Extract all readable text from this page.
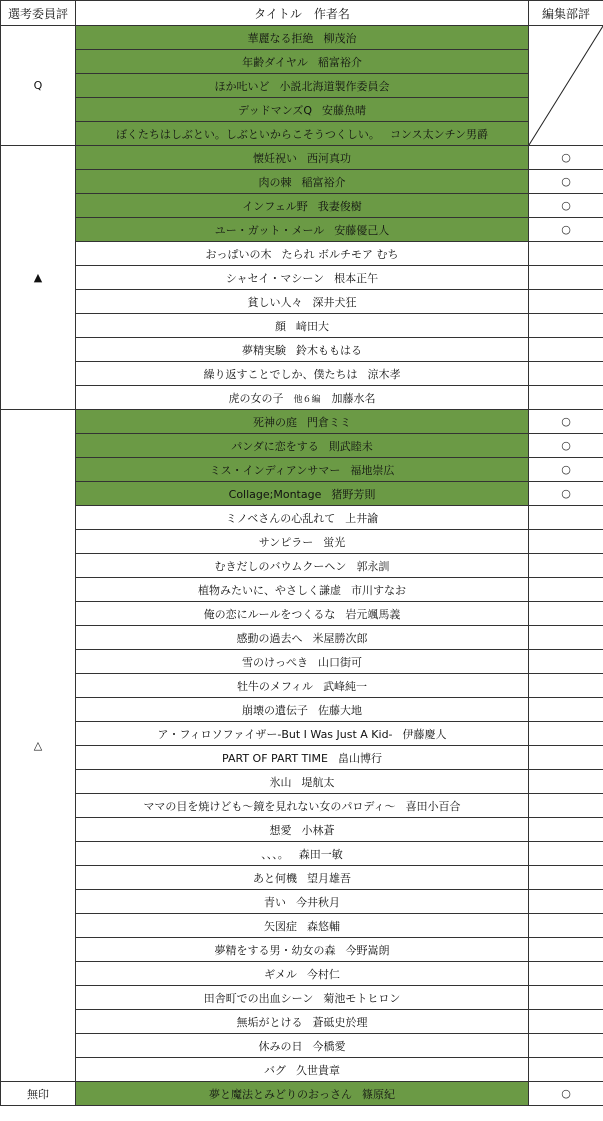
選考委員評	タイトル　作者名	編集部評
Q	華麗なる拒絶 柳茂治	

	年齢ダイヤル 稲富裕介	
	ほか𠮟いど 小説北海道製作委員会	
	デッドマンズQ 安藤魚晴	
	ぼくたちはしぶとい。しぶといからこそうつくしい。 コンス太ンチン男爵	
▲	懐妊祝い 西河真功	○
	肉の棘 稲富裕介	○
	インフェル野 我妻俊樹	○
	ユー・ガット・メール 安藤優己人	○
	おっぱいの木 たられ ボルチモア むち	
	シャセイ・マシーン 根本正午	
	貧しい人々 深井犬狂	
	顔 﨑田大	
	夢精実験 鈴木ももはる	
	繰り返すことでしか、僕たちは 涼木孝	
	虎の女の子 他６編　 加藤水名	
△	死神の庭 門倉ミミ	○
	パンダに恋をする 則武睦未	○
	ミス・インディアンサマー 福地崇広	○
	Collage;Montage 猪野芳則	○
	ミノベさんの心乱れて 上井諭	
	サンピラー 蛍光	
	むきだしのバウムクーヘン 郭永訓	
	植物みたいに、やさしく謙虚 市川すなお	
	俺の恋にルールをつくるな 岩元颯馬義	
	感動の過去へ 米屋勝次郎	
	雪のけっぺき 山口街可	
	牡牛のメフィル 武峰純一	
	崩壊の遺伝子 佐藤大地	
	ア・フィロソファイザー-But I Was Just A Kid- 伊藤慶人	
	PART OF PART TIME 畠山博行	
	氷山 堤航太	
	ママの目を焼けども～鏡を見れない女のパロディ～ 喜田小百合	
	想愛 小林蒼	
	、、、。 森田一敏	
	あと何機 望月雄吾	
	青い 今井秋月	
	矢図症 森悠輔	
	夢精をする男・幼女の森 今野嵩朗	
	ギメル 今村仁	
	田舎町での出血シーン 菊池モトヒロン	
	無垢がとける 蒼砥史於理	
	休みの日 今橋愛	
	バグ 久世貴章	
無印	夢と魔法とみどりのおっさん 篠原紀	○
